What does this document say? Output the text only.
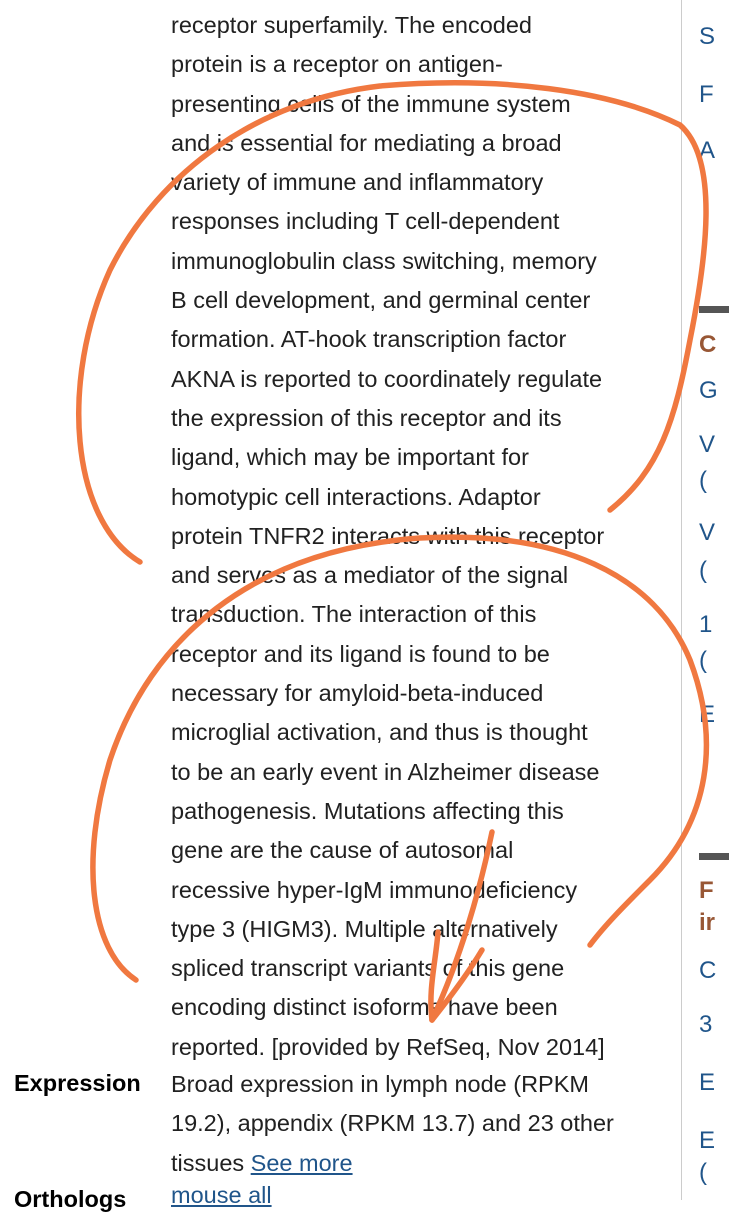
receptor superfamily. The encoded

protein is a receptor on antigen-

presenting cells of the immune system

and is essential for mediating a broad

variety of immune and inflammatory

responses including T cell-dependent

immunoglobulin class switching, memory

B cell development, and germinal center

formation. AT-hook transcription factor

AKNA is reported to coordinately regulate

the expression of this receptor and its

ligand, which may be important for

homotypic cell interactions. Adaptor

protein TNFR2 interacts with this receptor

and serves as a mediator of the signal

transduction. The interaction of this

receptor and its ligand is found to be

necessary for amyloid-beta-induced

microglial activation, and thus is thought

to be an early event in Alzheimer disease

pathogenesis. Mutations affecting this

gene are the cause of autosomal

recessive hyper-IgM immunodeficiency

type 3 (HIGM3). Multiple alternatively

spliced transcript variants of this gene

encoding distinct isoforms have been

reported. [provided by RefSeq, Nov 2014]

Expression Broad expression in lymph node (RPKM
19.2), appendix (RPKM 13.7) and 23 other
tissues See more
Orthologs mouse all
S
F
A
C
G
V
(
V
(
1
(
E
F
ir
C
3
E
E
(
